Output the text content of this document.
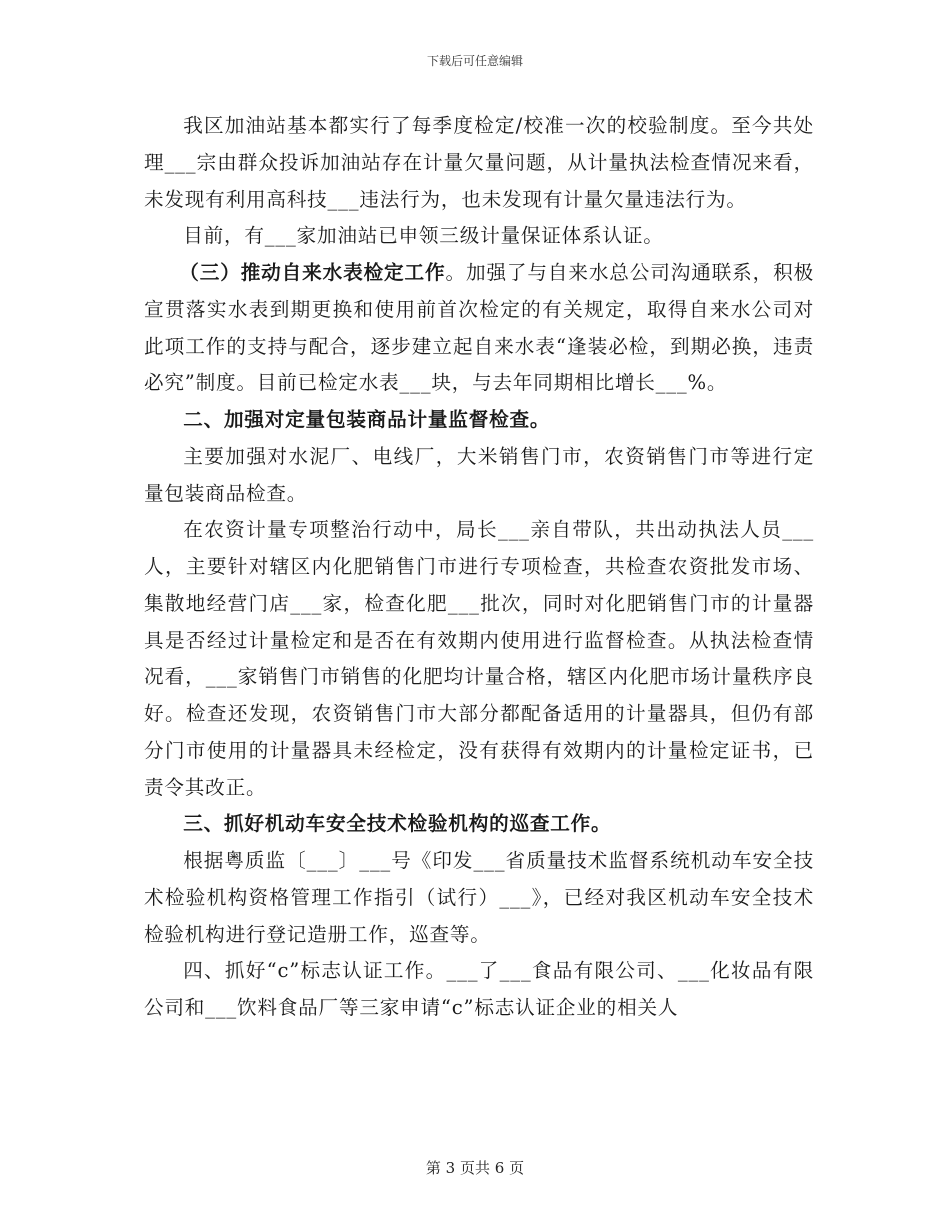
下载后可任意编辑

我区加油站基本都实行了每季度检定/校准一次的校验制度。至今共处理___宗由群众投诉加油站存在计量欠量问题，从计量执法检查情况来看，未发现有利用高科技___违法行为，也未发现有计量欠量违法行为。

目前，有___家加油站已申领三级计量保证体系认证。

（三）推动自来水表检定工作。加强了与自来水总公司沟通联系，积极宣贯落实水表到期更换和使用前首次检定的有关规定，取得自来水公司对此项工作的支持与配合，逐步建立起自来水表“逢装必检，到期必换，违责必究”制度。目前已检定水表___块，与去年同期相比增长___%。

二、加强对定量包装商品计量监督检查。

主要加强对水泥厂、电线厂，大米销售门市，农资销售门市等进行定量包装商品检查。

在农资计量专项整治行动中，局长___亲自带队，共出动执法人员___人，主要针对辖区内化肥销售门市进行专项检查，共检查农资批发市场、集散地经营门店___家，检查化肥___批次，同时对化肥销售门市的计量器具是否经过计量检定和是否在有效期内使用进行监督检查。从执法检查情况看，___家销售门市销售的化肥均计量合格，辖区内化肥市场计量秩序良好。检查还发现，农资销售门市大部分都配备适用的计量器具，但仍有部分门市使用的计量器具未经检定，没有获得有效期内的计量检定证书，已责令其改正。

三、抓好机动车安全技术检验机构的巡查工作。

根据粤质监〔___〕___号《印发___省质量技术监督系统机动车安全技术检验机构资格管理工作指引（试行）___》，已经对我区机动车安全技术检验机构进行登记造册工作，巡查等。

四、抓好“c”标志认证工作。___了___食品有限公司、___化妆品有限公司和___饮料食品厂等三家申请“c”标志认证企业的相关人

第 3 页共 6 页
